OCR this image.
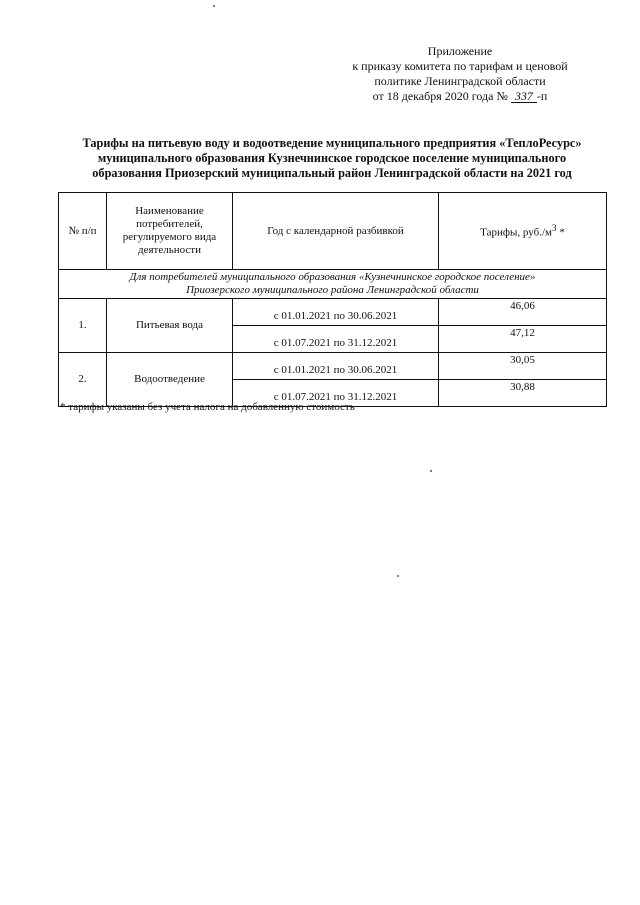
Приложение
к приказу комитета по тарифам и ценовой
политике Ленинградской области
от 18 декабря 2020 года № 337 -п
Тарифы на питьевую воду и водоотведение муниципального предприятия «ТеплоРесурс»
муниципального образования Кузнечнинское городское поселение муниципального
образования Приозерский муниципальный район Ленинградской области на 2021 год
№ п/п	Наименование потребителей, регулируемого вида деятельности	Год с календарной разбивкой	Тарифы, $руб./м^3$ *

Для потребителей муниципального образования «Кузнечнинское городское поселение»
Приозерского муниципального района Ленинградской области			

1.	Питьевая вода	с 01.01.2021 по 30.06.2021	46,06
		с 01.07.2021 по 31.12.2021	47,12
2.	Водоотведение	с 01.01.2021 по 30.06.2021	30,05
		с 01.07.2021 по 31.12.2021	30,88
* тарифы указаны без учета налога на добавленную стоимость
